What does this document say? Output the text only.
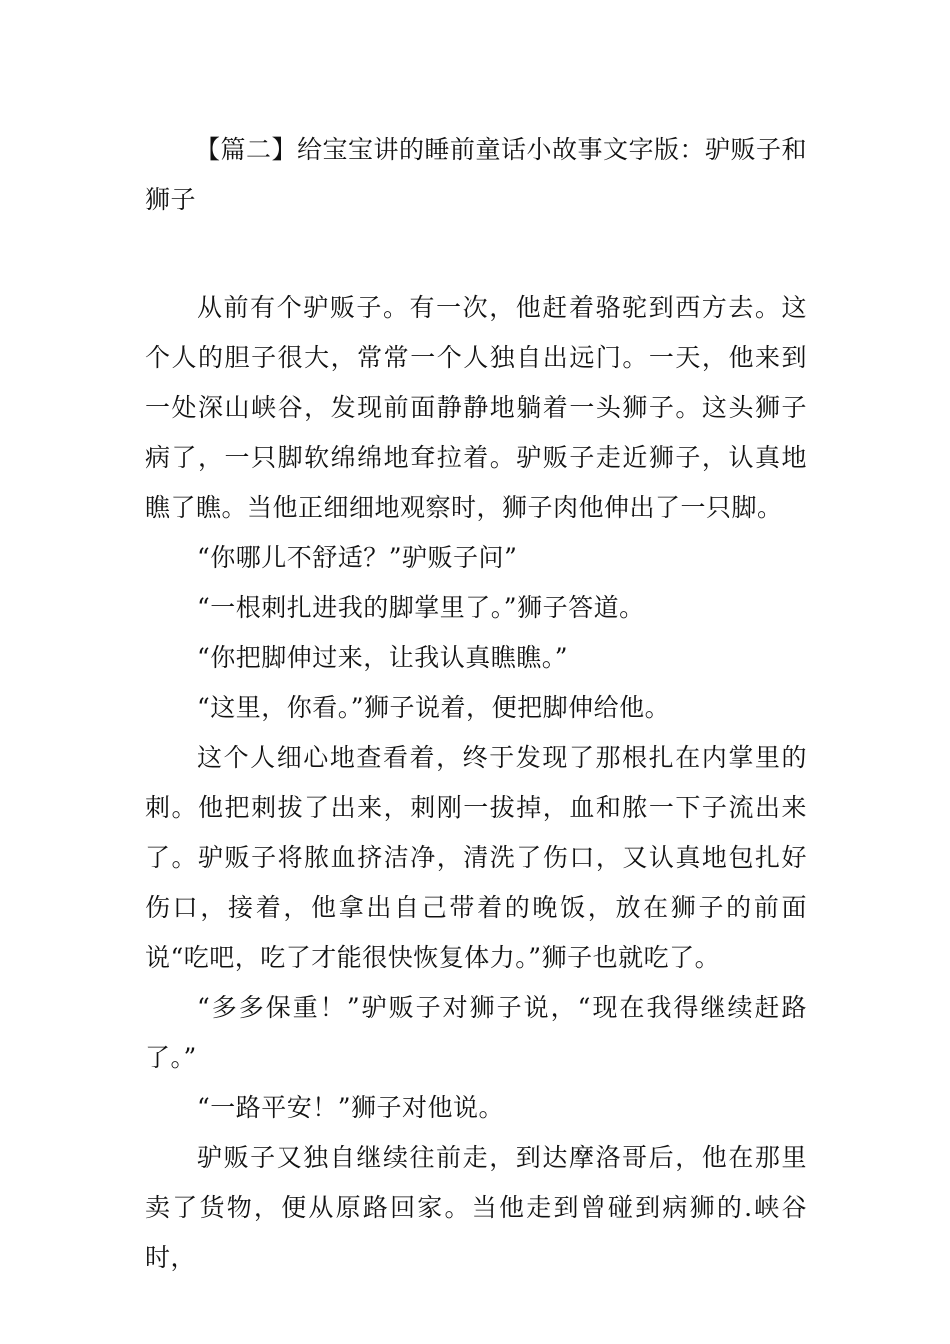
【篇二】给宝宝讲的睡前童话小故事文字版：驴贩子和狮子

从前有个驴贩子。有一次，他赶着骆驼到西方去。这个人的胆子很大，常常一个人独自出远门。一天，他来到一处深山峡谷，发现前面静静地躺着一头狮子。这头狮子病了，一只脚软绵绵地耷拉着。驴贩子走近狮子，认真地瞧了瞧。当他正细细地观察时，狮子肉他伸出了一只脚。

“你哪儿不舒适？”驴贩子问”

“一根刺扎进我的脚掌里了。”狮子答道。

“你把脚伸过来，让我认真瞧瞧。”

“这里，你看。”狮子说着，便把脚伸给他。

这个人细心地查看着，终于发现了那根扎在内掌里的刺。他把刺拔了出来，刺刚一拔掉，血和脓一下子流出来了。驴贩子将脓血挤洁净，清洗了伤口，又认真地包扎好伤口，接着，他拿出自己带着的晚饭，放在狮子的前面说“吃吧，吃了才能很快恢复体力。”狮子也就吃了。

“多多保重！”驴贩子对狮子说，“现在我得继续赶路了。”

“一路平安！”狮子对他说。

驴贩子又独自继续往前走，到达摩洛哥后，他在那里卖了货物，便从原路回家。当他走到曾碰到病狮的.峡谷时，
